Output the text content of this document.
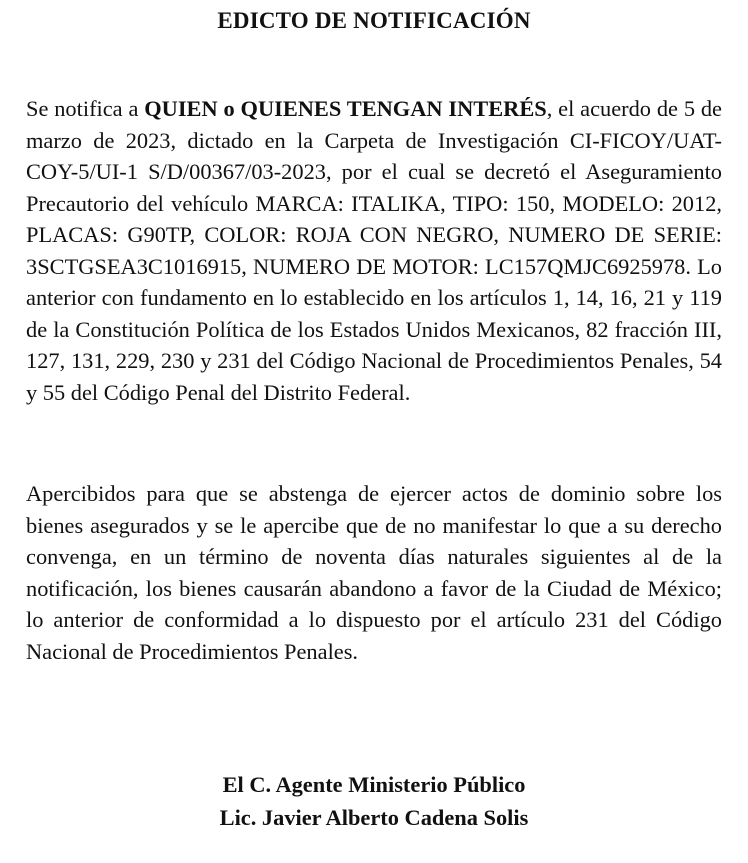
EDICTO DE NOTIFICACIÓN

Se notifica a QUIEN o QUIENES TENGAN INTERÉS, el acuerdo de 5 de marzo de 2023, dictado en la Carpeta de Investigación CI-FICOY/UAT-COY-5/UI-1 S/D/00367/03-2023, por el cual se decretó el Aseguramiento Precautorio del vehículo MARCA: ITALIKA, TIPO: 150, MODELO: 2012, PLACAS: G90TP, COLOR: ROJA CON NEGRO, NUMERO DE SERIE: 3SCTGSEA3C1016915, NUMERO DE MOTOR: LC157QMJC6925978. Lo anterior con fundamento en lo establecido en los artículos 1, 14, 16, 21 y 119 de la Constitución Política de los Estados Unidos Mexicanos, 82 fracción III, 127, 131, 229, 230 y 231 del Código Nacional de Procedimientos Penales, 54 y 55 del Código Penal del Distrito Federal.

Apercibidos para que se abstenga de ejercer actos de dominio sobre los bienes asegurados y se le apercibe que de no manifestar lo que a su derecho convenga, en un término de noventa días naturales siguientes al de la notificación, los bienes causarán abandono a favor de la Ciudad de México; lo anterior de conformidad a lo dispuesto por el artículo 231 del Código Nacional de Procedimientos Penales.

El C. Agente Ministerio Público
Lic. Javier Alberto Cadena Solis
